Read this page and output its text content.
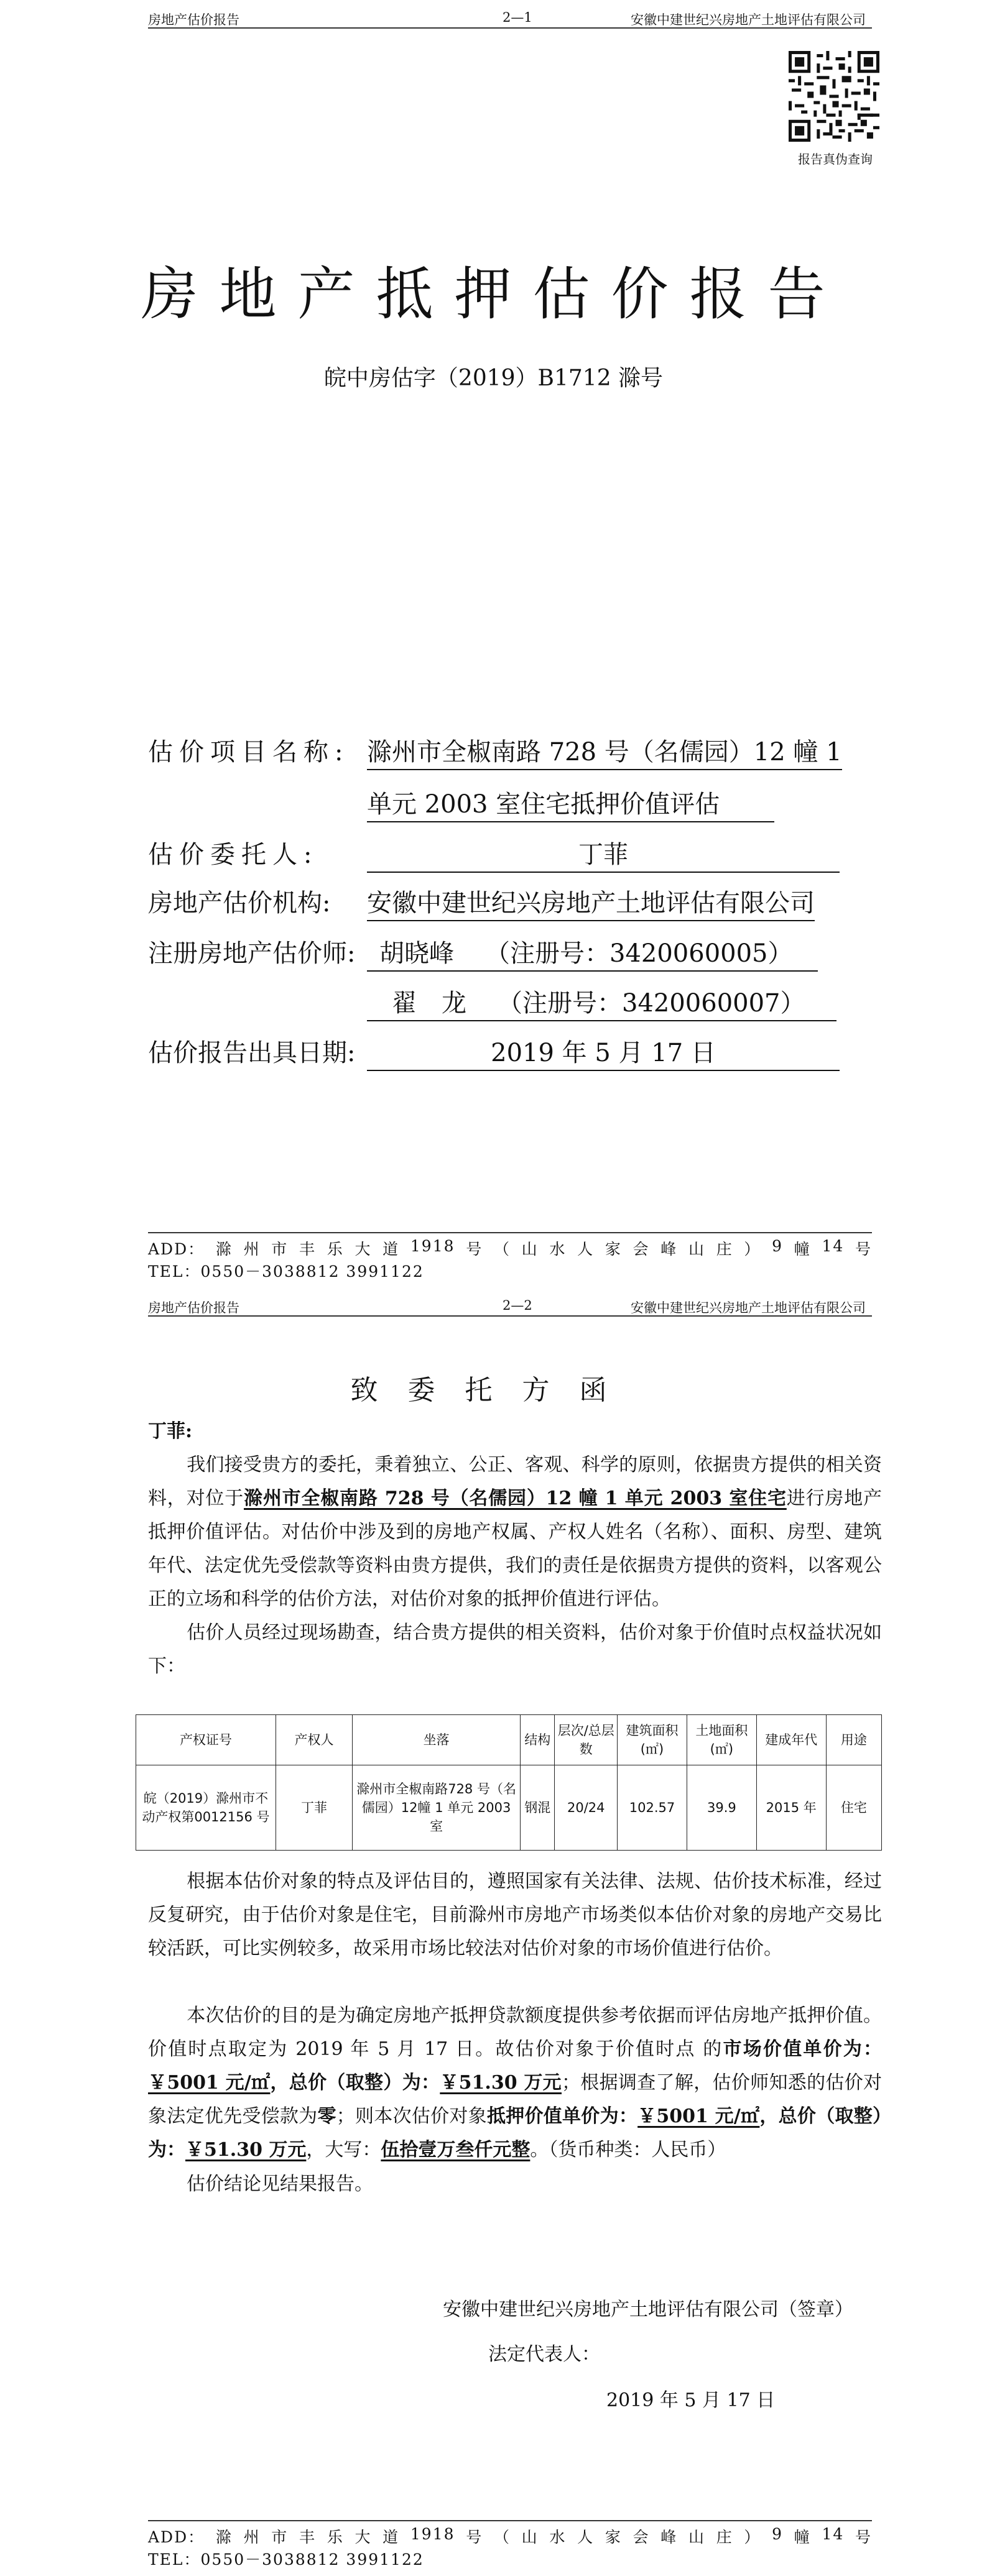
房地产估价报告	2—1	安徽中建世纪兴房地产土地评估有限公司
报告真伪查询
房地产抵押估价报告
皖中房估字（2019）B1712 滁号
估价项目名称: 滁州市全椒南路 728 号（名儒园）12 幢 1
单元 2003 室住宅抵押价值评估
估价委托人:	丁菲
房地产估价机构: 安徽中建世纪兴房地产土地评估有限公司
注册房地产估价师: 胡晓峰 （注册号：3420060005）
翟　龙 （注册号：3420060007）
估价报告出具日期:	2019 年 5 月 17 日
ADD： 滁 州 市 丰 乐 大 道 1918 号 （ 山 水 人 家 会 峰 山 庄 ） 9 幢 14 号
TEL：0550－3038812 3991122
房地产估价报告	2—2	安徽中建世纪兴房地产土地评估有限公司
致委托方函
丁菲:
我们接受贵方的委托，秉着独立、公正、客观、科学的原则，依据贵方提供的相关资料，对位于滁州市全椒南路 728 号（名儒园）12 幢 1 单元 2003 室住宅进行房地产抵押价值评估。对估价中涉及到的房地产权属、产权人姓名（名称）、面积、房型、建筑年代、法定优先受偿款等资料由贵方提供，我们的责任是依据贵方提供的资料，以客观公正的立场和科学的估价方法，对估价对象的抵押价值进行评估。
估价人员经过现场勘查，结合贵方提供的相关资料，估价对象于价值时点权益状况如下：
产权证号	产权人	坐落	结构	层次/总层数	建筑面积(㎡)	土地面积(㎡)	建成年代	用途
皖（2019）滁州市不动产权第0012156 号	丁菲	滁州市全椒南路728 号（名儒园）12幢 1 单元 2003 室	钢混	20/24	102.57	39.9	2015 年	住宅
根据本估价对象的特点及评估目的，遵照国家有关法律、法规、估价技术标准，经过反复研究，由于估价对象是住宅，目前滁州市房地产市场类似本估价对象的房地产交易比较活跃，可比实例较多，故采用市场比较法对估价对象的市场价值进行估价。
本次估价的目的是为确定房地产抵押贷款额度提供参考依据而评估房地产抵押价值。价值时点取定为 2019 年 5 月 17 日。故估价对象于价值时点 的市场价值单价为：￥5001 元/㎡，总价（取整）为：￥51.30 万元；根据调查了解，估价师知悉的估价对象法定优先受偿款为零；则本次估价对象抵押价值单价为：￥5001 元/㎡，总价（取整）为：￥51.30 万元，大写：伍拾壹万叁仟元整。（货币种类：人民币）
估价结论见结果报告。
安徽中建世纪兴房地产土地评估有限公司（签章）
法定代表人：
2019 年 5 月 17 日
ADD： 滁 州 市 丰 乐 大 道 1918 号 （ 山 水 人 家 会 峰 山 庄 ） 9 幢 14 号
TEL：0550－3038812 3991122
